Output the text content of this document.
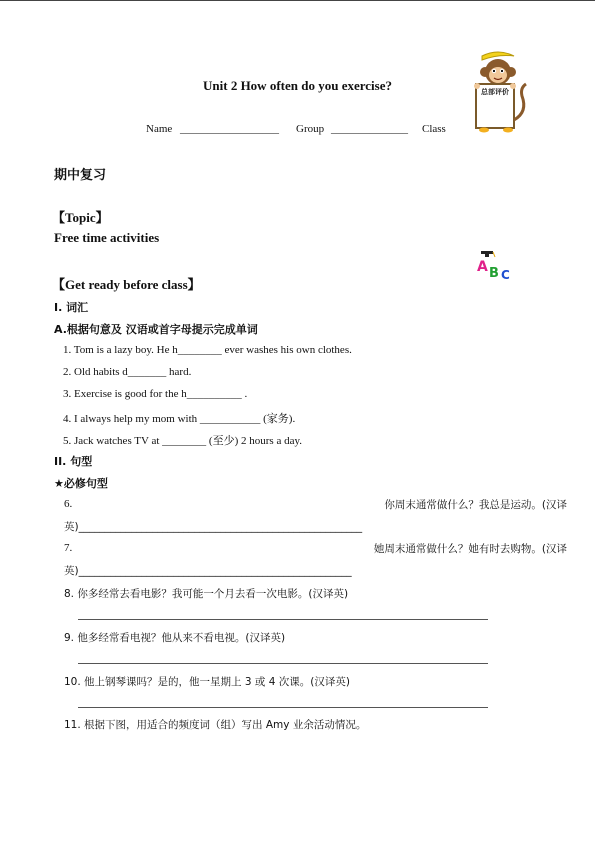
总部评价
Unit 2 How often do you exercise?
Name __________________ Group ______________ Class
期中复习
【Topic】
Free time activities
【Get ready before class】
A B C
I. 词汇
A.根据句意及 汉语或首字母提示完成单词
1. Tom is a lazy boy. He h________ ever washes his own clothes.
2. Old habits d_______ hard.
3. Exercise is good for the h__________ .
4. I always help my mom with ___________ (家务).
5. Jack watches TV at ________ (至少) 2 hours a day.
II. 句型
★必修句型
6.	你周末通常做什么？我总是运动。(汉译
英)______________________________________________________
7.	她周末通常做什么？她有时去购物。(汉译
英)____________________________________________________
8. 你多经常去看电影？我可能一个月去看一次电影。(汉译英)
9. 他多经常看电视？他从来不看电视。(汉译英)
10. 他上钢琴课吗？是的，他一星期上 3 或 4 次课。(汉译英)
11. 根据下图，用适合的频度词（组）写出 Amy 业余活动情况。
